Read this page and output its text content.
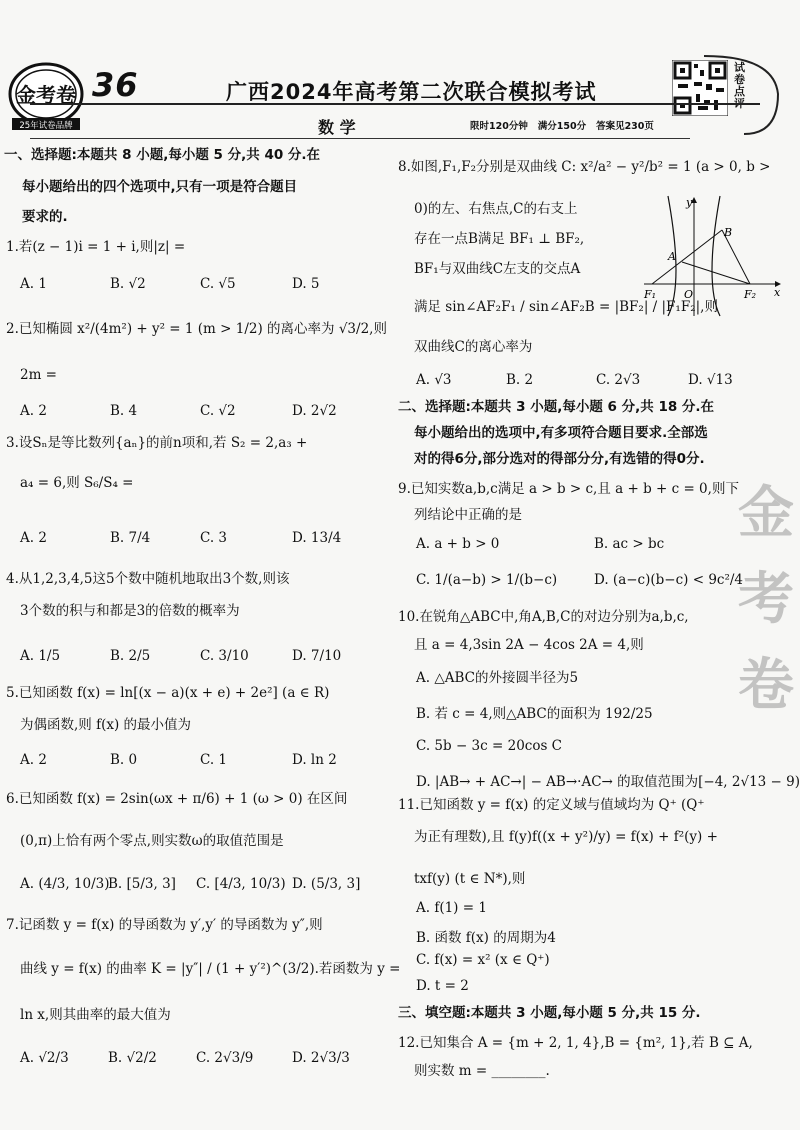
金考卷
25年试卷品牌
36	广西2024年高考第二次联合模拟考试
试卷点评
数 学	限时120分钟 满分150分 答案见230页
一、选择题:本题共 8 小题,每小题 5 分,共 40 分.在
每小题给出的四个选项中,只有一项是符合题目
要求的.
1.若(z − 1)i = 1 + i,则|z| =
A. 1	B. √2	C. √5	D. 5
2.已知椭圆 x²/(4m²) + y² = 1 (m > 1/2) 的离心率为 √3/2,则
2m =
A. 2	B. 4	C. √2	D. 2√2
3.设Sₙ是等比数列{aₙ}的前n项和,若 S₂ = 2,a₃ +
a₄ = 6,则 S₆/S₄ =
A. 2	B. 7/4	C. 3	D. 13/4
4.从1,2,3,4,5这5个数中随机地取出3个数,则该
3个数的积与和都是3的倍数的概率为
A. 1/5	B. 2/5	C. 3/10	D. 7/10
5.已知函数 f(x) = ln[(x − a)(x + e) + 2e²] (a ∈ R)
为偶函数,则 f(x) 的最小值为
A. 2	B. 0	C. 1	D. ln 2
6.已知函数 f(x) = 2sin(ωx + π/6) + 1 (ω > 0) 在区间
(0,π)上恰有两个零点,则实数ω的取值范围是
A. (4/3, 10/3)
B. [5/3, 3] C. [4/3, 10/3) D. (5/3, 3]
7.记函数 y = f(x) 的导函数为 y′,y′ 的导函数为 y″,则
曲线 y = f(x) 的曲率 K = |y″| / (1 + y′²)^(3/2).若函数为 y =
ln x,则其曲率的最大值为
A. √2/3	B. √2/2	C. 2√3/9	D. 2√3/3
8.如图,F₁,F₂分别是双曲线 C: x²/a² − y²/b² = 1 (a > 0, b >
0)的左、右焦点,C的右支上
存在一点B满足 BF₁ ⊥ BF₂,
BF₁与双曲线C左支的交点A
满足 sin∠AF₂F₁ / sin∠AF₂B = |BF₂| / |F₁F₂|,则
双曲线C的离心率为
y
x
B
A
O
F₁	F₂
A. √3	B. 2	C. 2√3	D. √13
二、选择题:本题共 3 小题,每小题 6 分,共 18 分.在
每小题给出的选项中,有多项符合题目要求.全部选
对的得6分,部分选对的得部分分,有选错的得0分.
9.已知实数a,b,c满足 a > b > c,且 a + b + c = 0,则下
列结论中正确的是
A. a + b > 0	B. ac > bc
C. 1/(a−b) > 1/(b−c)	D. (a−c)(b−c) < 9c²/4
10.在锐角△ABC中,角A,B,C的对边分别为a,b,c,
且 a = 4,3sin 2A − 4cos 2A = 4,则
A. △ABC的外接圆半径为5
B. 若 c = 4,则△ABC的面积为 192/25
C. 5b − 3c = 20cos C
D. |AB→ + AC→| − AB→·AC→ 的取值范围为[−4, 2√13 − 9)
11.已知函数 y = f(x) 的定义域与值域均为 Q⁺ (Q⁺
为正有理数),且 f(y)f((x + y²)/y) = f(x) + f²(y) +
txf(y) (t ∈ N*),则
A. f(1) = 1
B. 函数 f(x) 的周期为4
C. f(x) = x² (x ∈ Q⁺)
D. t = 2
三、填空题:本题共 3 小题,每小题 5 分,共 15 分.
12.已知集合 A = {m + 2, 1, 4},B = {m², 1},若 B ⊆ A,
则实数 m = ________.
金考卷
